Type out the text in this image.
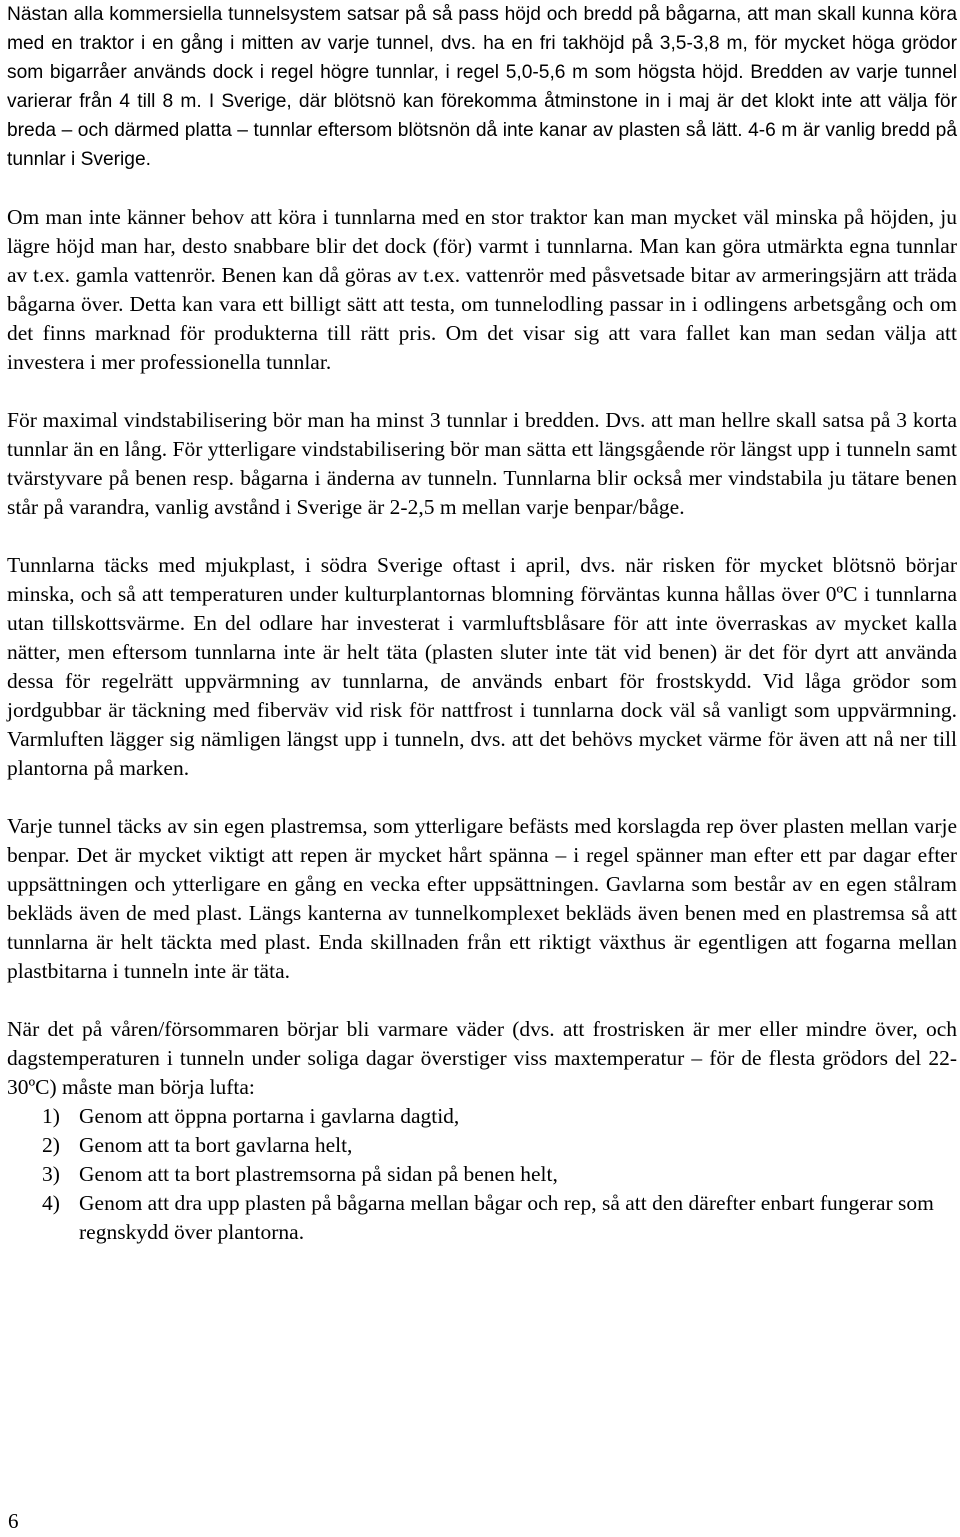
Nästan alla kommersiella tunnelsystem satsar på så pass höjd och bredd på bågarna, att man skall kunna köra med en traktor i en gång i mitten av varje tunnel, dvs. ha en fri takhöjd på 3,5-3,8 m, för mycket höga grödor som bigarråer används dock i regel högre tunnlar, i regel 5,0-5,6 m som högsta höjd. Bredden av varje tunnel varierar från 4 till 8 m. I Sverige, där blötsnö kan förekomma åtminstone in i maj är det klokt inte att välja för breda – och därmed platta – tunnlar eftersom blötsnön då inte kanar av plasten så lätt. 4-6 m är vanlig bredd på tunnlar i Sverige.

Om man inte känner behov att köra i tunnlarna med en stor traktor kan man mycket väl minska på höjden, ju lägre höjd man har, desto snabbare blir det dock (för) varmt i tunnlarna. Man kan göra utmärkta egna tunnlar av t.ex. gamla vattenrör. Benen kan då göras av t.ex. vattenrör med påsvetsade bitar av armeringsjärn att träda bågarna över. Detta kan vara ett billigt sätt att testa, om tunnelodling passar in i odlingens arbetsgång och om det finns marknad för produkterna till rätt pris. Om det visar sig att vara fallet kan man sedan välja att investera i mer professionella tunnlar.

För maximal vindstabilisering bör man ha minst 3 tunnlar i bredden. Dvs. att man hellre skall satsa på 3 korta tunnlar än en lång. För ytterligare vindstabilisering bör man sätta ett längsgående rör längst upp i tunneln samt tvärstyvare på benen resp. bågarna i änderna av tunneln. Tunnlarna blir också mer vindstabila ju tätare benen står på varandra, vanlig avstånd i Sverige är 2-2,5 m mellan varje benpar/båge.

Tunnlarna täcks med mjukplast, i södra Sverige oftast i april, dvs. när risken för mycket blötsnö börjar minska, och så att temperaturen under kulturplantornas blomning förväntas kunna hållas över 0ºC i tunnlarna utan tillskottsvärme. En del odlare har investerat i varmluftsblåsare för att inte överraskas av mycket kalla nätter, men eftersom tunnlarna inte är helt täta (plasten sluter inte tät vid benen) är det för dyrt att använda dessa för regelrätt uppvärmning av tunnlarna, de används enbart för frostskydd. Vid låga grödor som jordgubbar är täckning med fiberväv vid risk för nattfrost i tunnlarna dock väl så vanligt som uppvärmning. Varmluften lägger sig nämligen längst upp i tunneln, dvs. att det behövs mycket värme för även att nå ner till plantorna på marken.

Varje tunnel täcks av sin egen plastremsa, som ytterligare befästs med korslagda rep över plasten mellan varje benpar. Det är mycket viktigt att repen är mycket hårt spänna – i regel spänner man efter ett par dagar efter uppsättningen och ytterligare en gång en vecka efter uppsättningen. Gavlarna som består av en egen stålram bekläds även de med plast. Längs kanterna av tunnelkomplexet bekläds även benen med en plastremsa så att tunnlarna är helt täckta med plast. Enda skillnaden från ett riktigt växthus är egentligen att fogarna mellan plastbitarna i tunneln inte är täta.

När det på våren/försommaren börjar bli varmare väder (dvs. att frostrisken är mer eller mindre över, och dagstemperaturen i tunneln under soliga dagar överstiger viss maxtemperatur – för de flesta grödors del 22-30ºC) måste man börja lufta:

1) Genom att öppna portarna i gavlarna dagtid,
2) Genom att ta bort gavlarna helt,
3) Genom att ta bort plastremsorna på sidan på benen helt,
4) Genom att dra upp plasten på bågarna mellan bågar och rep, så att den därefter enbart fungerar som regnskydd över plantorna.
6
